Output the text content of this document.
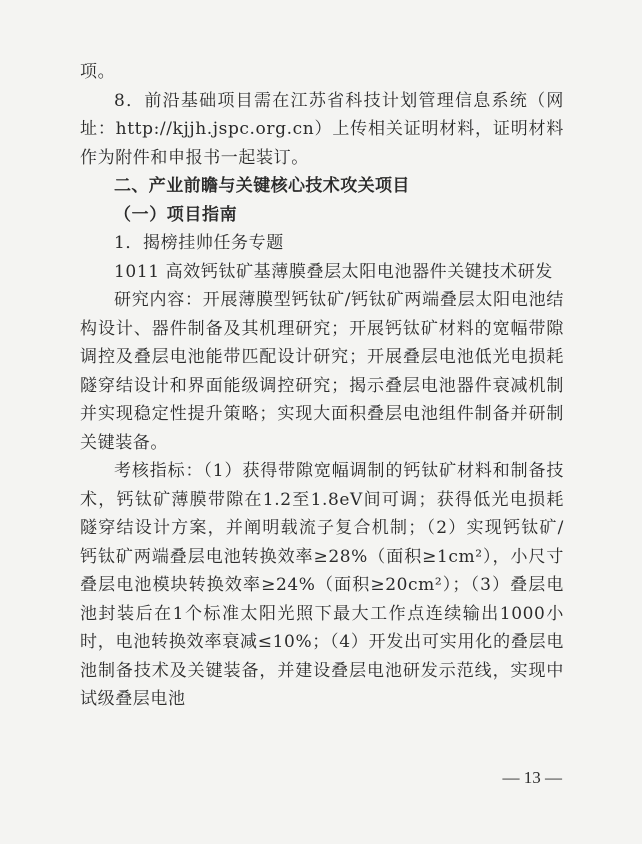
项。

8．前沿基础项目需在江苏省科技计划管理信息系统（网址：http://kjjh.jspc.org.cn）上传相关证明材料，证明材料作为附件和申报书一起装订。

二、产业前瞻与关键核心技术攻关项目

（一）项目指南

1．揭榜挂帅任务专题

1011 高效钙钛矿基薄膜叠层太阳电池器件关键技术研发

研究内容：开展薄膜型钙钛矿/钙钛矿两端叠层太阳电池结构设计、器件制备及其机理研究；开展钙钛矿材料的宽幅带隙调控及叠层电池能带匹配设计研究；开展叠层电池低光电损耗隧穿结设计和界面能级调控研究；揭示叠层电池器件衰减机制并实现稳定性提升策略；实现大面积叠层电池组件制备并研制关键装备。

考核指标：（1）获得带隙宽幅调制的钙钛矿材料和制备技术，钙钛矿薄膜带隙在1.2至1.8eV间可调；获得低光电损耗隧穿结设计方案，并阐明载流子复合机制；（2）实现钙钛矿/钙钛矿两端叠层电池转换效率≥28%（面积≥1cm²），小尺寸叠层电池模块转换效率≥24%（面积≥20cm²）；（3）叠层电池封装后在1个标准太阳光照下最大工作点连续输出1000小时，电池转换效率衰减≤10%；（4）开发出可实用化的叠层电池制备技术及关键装备，并建设叠层电池研发示范线，实现中试级叠层电池

— 13 —
